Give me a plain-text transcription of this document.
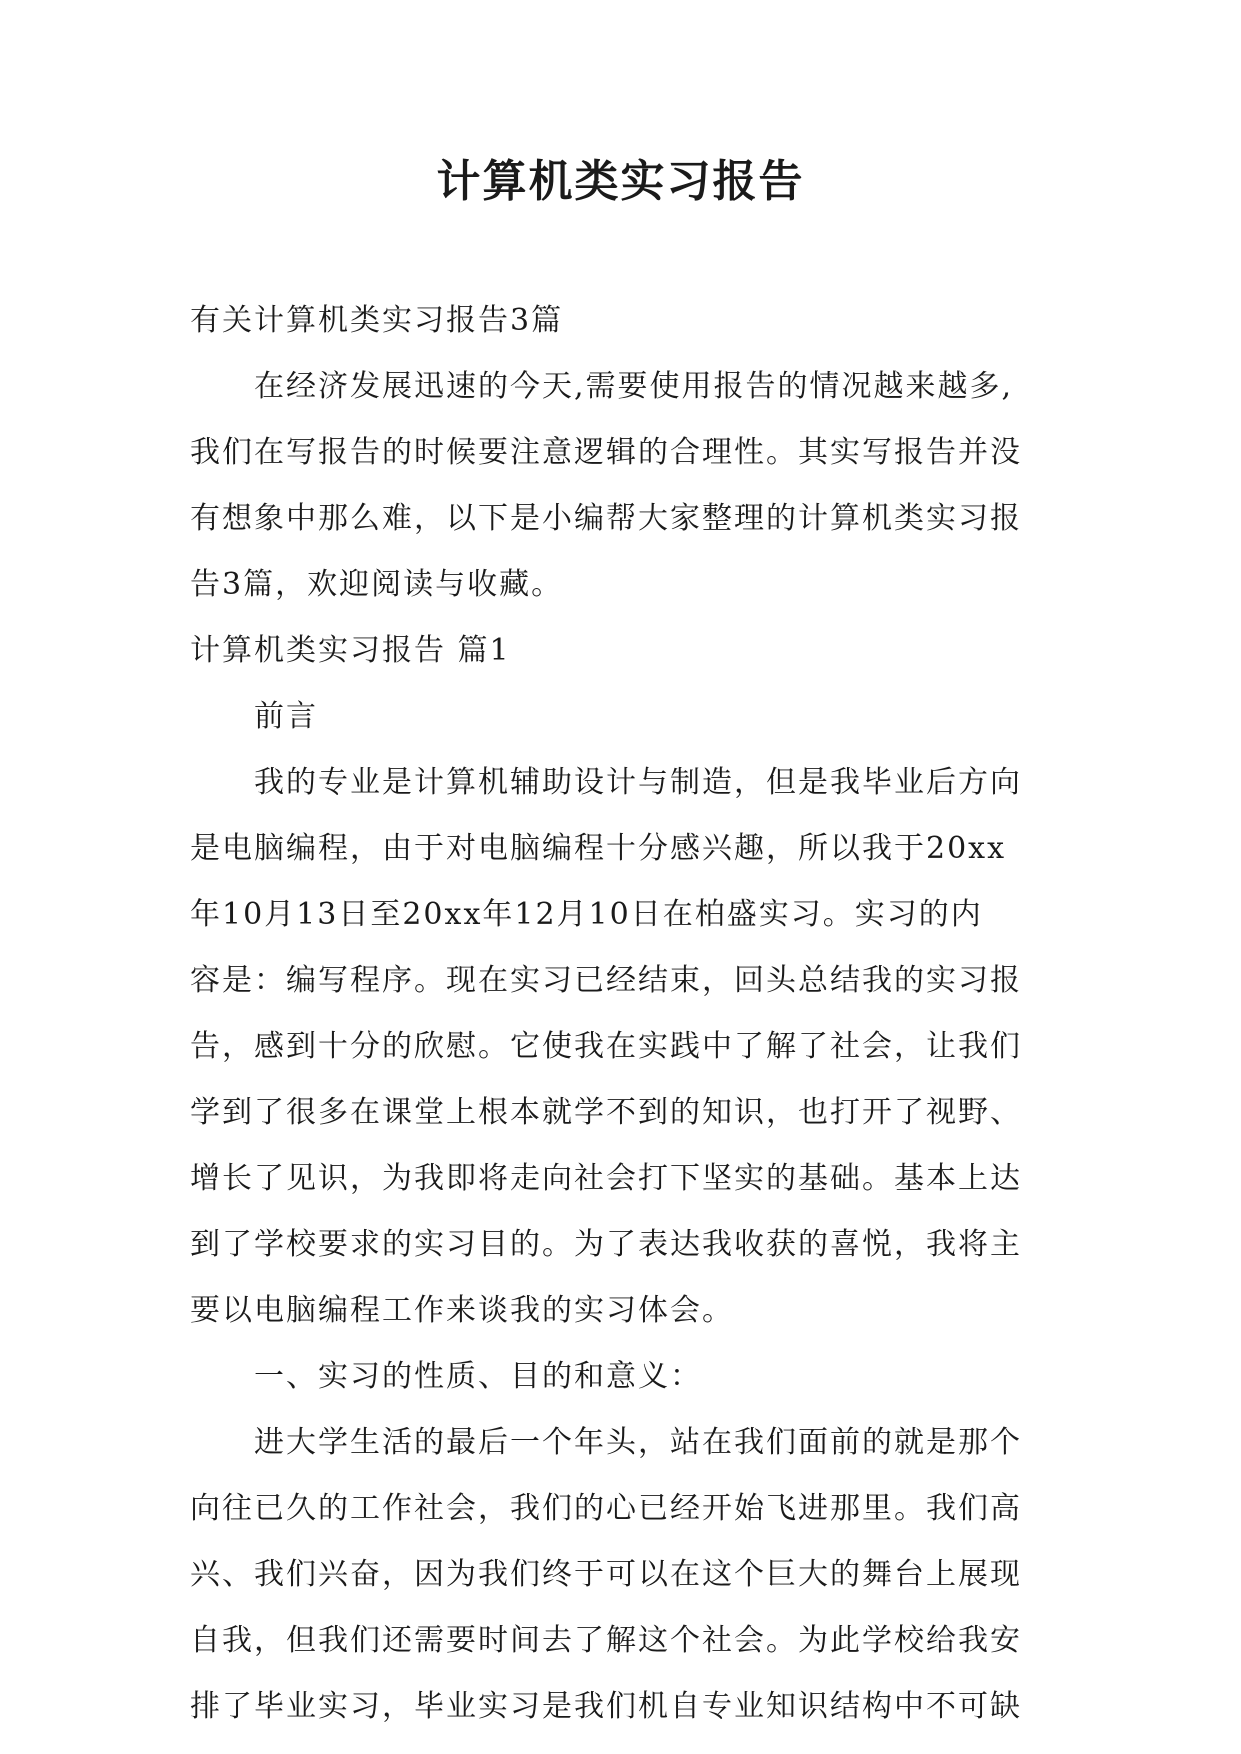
计算机类实习报告

有关计算机类实习报告3篇

在经济发展迅速的今天,需要使用报告的情况越来越多,
我们在写报告的时候要注意逻辑的合理性。其实写报告并没
有想象中那么难，以下是小编帮大家整理的计算机类实习报
告3篇，欢迎阅读与收藏。

计算机类实习报告 篇1

前言

我的专业是计算机辅助设计与制造，但是我毕业后方向
是电脑编程，由于对电脑编程十分感兴趣，所以我于20xx
年10月13日至20xx年12月10日在柏盛实习。实习的内
容是：编写程序。现在实习已经结束，回头总结我的实习报
告，感到十分的欣慰。它使我在实践中了解了社会，让我们
学到了很多在课堂上根本就学不到的知识，也打开了视野、
增长了见识，为我即将走向社会打下坚实的基础。基本上达
到了学校要求的实习目的。为了表达我收获的喜悦，我将主
要以电脑编程工作来谈我的实习体会。

一、实习的性质、目的和意义：

进大学生活的最后一个年头，站在我们面前的就是那个
向往已久的工作社会，我们的心已经开始飞进那里。我们高
兴、我们兴奋，因为我们终于可以在这个巨大的舞台上展现
自我，但我们还需要时间去了解这个社会。为此学校给我安
排了毕业实习，毕业实习是我们机自专业知识结构中不可缺
